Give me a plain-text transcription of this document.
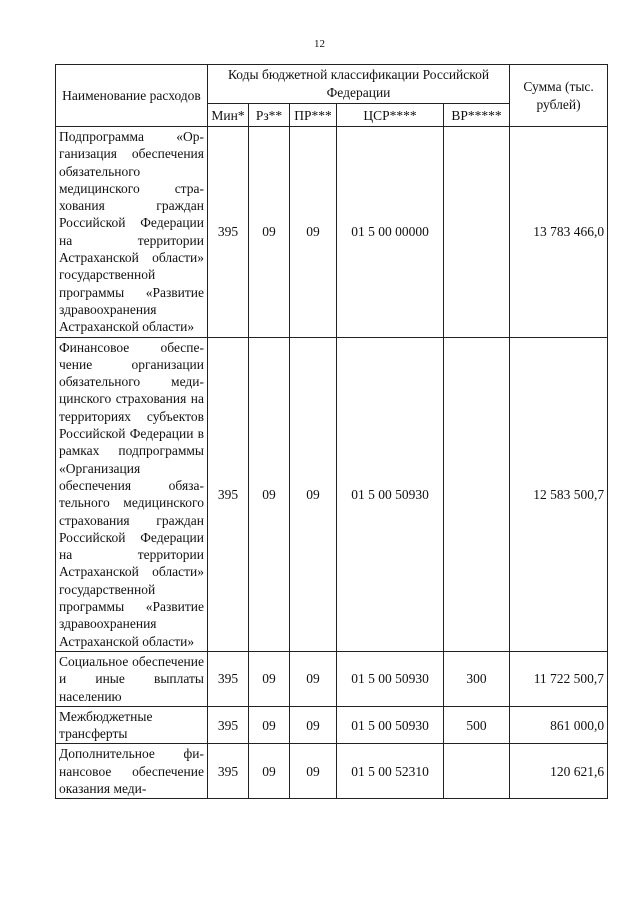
12
Наименование расходов	Коды бюджетной классификации Российской Федерации					Сумма (тыс. рублей)
	Мин*	Рз**	ПР***	ЦСР****	ВР*****	
Подпрограмма «Организация обеспечения обязательного медицинского страхования граждан Российской Федерации на территории Астраханской области» государственной программы «Развитие здравоохранения Астраханской области»	395	09	09	01 5 00 00000		13 783 466,0
Финансовое обеспечение организации обязательного медицинского страхования на территориях субъектов Российской Федерации в рамках подпрограммы «Организация обеспечения обязательного медицинского страхования граждан Российской Федерации на территории Астраханской области» государственной программы «Развитие здравоохранения Астраханской области»	395	09	09	01 5 00 50930		12 583 500,7
Социальное обеспечение и иные выплаты населению	395	09	09	01 5 00 50930	300	11 722 500,7
Межбюджетные трансферты	395	09	09	01 5 00 50930	500	861 000,0
Дополнительное финансовое обеспечение оказания меди-	395	09	09	01 5 00 52310		120 621,6
